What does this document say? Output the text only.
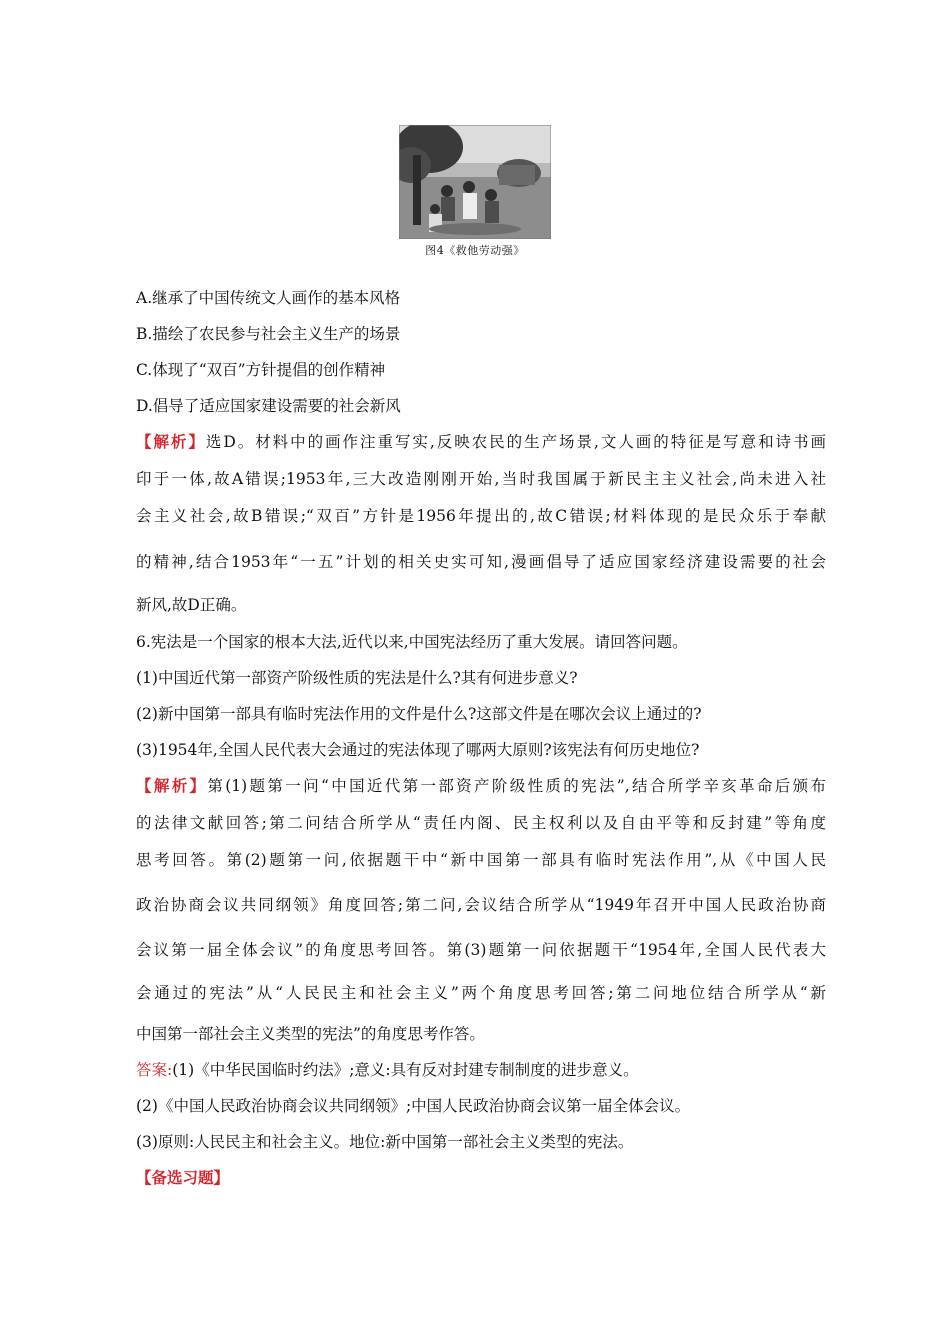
图4《救他劳动强》
A.继承了中国传统文人画作的基本风格
B.描绘了农民参与社会主义生产的场景
C.体现了“双百”方针提倡的创作精神
D.倡导了适应国家建设需要的社会新风
【解析】选D。材料中的画作注重写实,反映农民的生产场景,文人画的特征是写意和诗书画
印于一体,故A错误;1953年,三大改造刚刚开始,当时我国属于新民主主义社会,尚未进入社
会主义社会,故B错误;“双百”方针是1956年提出的,故C错误;材料体现的是民众乐于奉献
的精神,结合1953年“一五”计划的相关史实可知,漫画倡导了适应国家经济建设需要的社会
新风,故D正确。
6.宪法是一个国家的根本大法,近代以来,中国宪法经历了重大发展。请回答问题。
(1)中国近代第一部资产阶级性质的宪法是什么?其有何进步意义?
(2)新中国第一部具有临时宪法作用的文件是什么?这部文件是在哪次会议上通过的?
(3)1954年,全国人民代表大会通过的宪法体现了哪两大原则?该宪法有何历史地位?
【解析】第(1)题第一问“中国近代第一部资产阶级性质的宪法”,结合所学辛亥革命后颁布
的法律文献回答;第二问结合所学从“责任内阁、民主权利以及自由平等和反封建”等角度
思考回答。第(2)题第一问,依据题干中“新中国第一部具有临时宪法作用”,从《中国人民
政治协商会议共同纲领》角度回答;第二问,会议结合所学从“1949年召开中国人民政治协商
会议第一届全体会议”的角度思考回答。第(3)题第一问依据题干“1954年,全国人民代表大
会通过的宪法”从“人民民主和社会主义”两个角度思考回答;第二问地位结合所学从“新
中国第一部社会主义类型的宪法”的角度思考作答。
答案:(1)《中华民国临时约法》;意义:具有反对封建专制制度的进步意义。
(2)《中国人民政治协商会议共同纲领》;中国人民政治协商会议第一届全体会议。
(3)原则:人民民主和社会主义。地位:新中国第一部社会主义类型的宪法。
【备选习题】
